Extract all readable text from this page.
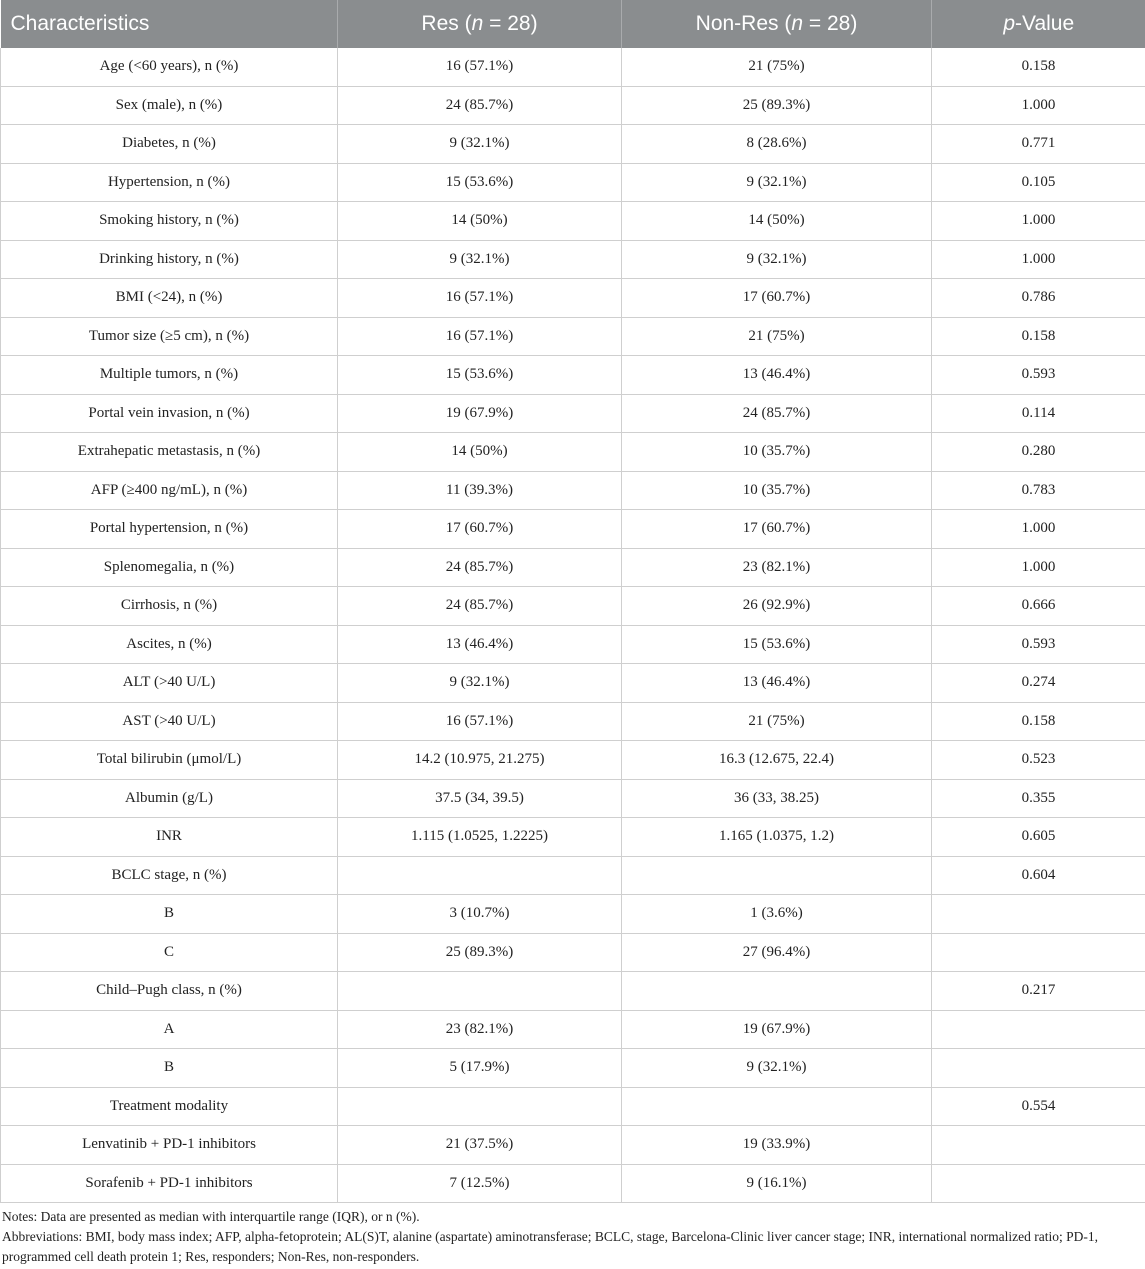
Characteristics	Res (n = 28)	Non-Res (n = 28)	p-Value
Age (<60 years), n (%)	16 (57.1%)	21 (75%)	0.158
Sex (male), n (%)	24 (85.7%)	25 (89.3%)	1.000
Diabetes, n (%)	9 (32.1%)	8 (28.6%)	0.771
Hypertension, n (%)	15 (53.6%)	9 (32.1%)	0.105
Smoking history, n (%)	14 (50%)	14 (50%)	1.000
Drinking history, n (%)	9 (32.1%)	9 (32.1%)	1.000
BMI (<24), n (%)	16 (57.1%)	17 (60.7%)	0.786
Tumor size (≥5 cm), n (%)	16 (57.1%)	21 (75%)	0.158
Multiple tumors, n (%)	15 (53.6%)	13 (46.4%)	0.593
Portal vein invasion, n (%)	19 (67.9%)	24 (85.7%)	0.114
Extrahepatic metastasis, n (%)	14 (50%)	10 (35.7%)	0.280
AFP (≥400 ng/mL), n (%)	11 (39.3%)	10 (35.7%)	0.783
Portal hypertension, n (%)	17 (60.7%)	17 (60.7%)	1.000
Splenomegalia, n (%)	24 (85.7%)	23 (82.1%)	1.000
Cirrhosis, n (%)	24 (85.7%)	26 (92.9%)	0.666
Ascites, n (%)	13 (46.4%)	15 (53.6%)	0.593
ALT (>40 U/L)	9 (32.1%)	13 (46.4%)	0.274
AST (>40 U/L)	16 (57.1%)	21 (75%)	0.158
Total bilirubin (μmol/L)	14.2 (10.975, 21.275)	16.3 (12.675, 22.4)	0.523
Albumin (g/L)	37.5 (34, 39.5)	36 (33, 38.25)	0.355
INR	1.115 (1.0525, 1.2225)	1.165 (1.0375, 1.2)	0.605
BCLC stage, n (%)			0.604
B	3 (10.7%)	1 (3.6%)	
C	25 (89.3%)	27 (96.4%)	
Child–Pugh class, n (%)			0.217
A	23 (82.1%)	19 (67.9%)	
B	5 (17.9%)	9 (32.1%)	
Treatment modality			0.554
Lenvatinib + PD-1 inhibitors	21 (37.5%)	19 (33.9%)	
Sorafenib + PD-1 inhibitors	7 (12.5%)	9 (16.1%)	

Notes: Data are presented as median with interquartile range (IQR), or n (%).

Abbreviations: BMI, body mass index; AFP, alpha-fetoprotein; AL(S)T, alanine (aspartate) aminotransferase; BCLC, stage, Barcelona-Clinic liver cancer stage; INR, international normalized ratio; PD-1, programmed cell death protein 1; Res, responders; Non-Res, non-responders.
